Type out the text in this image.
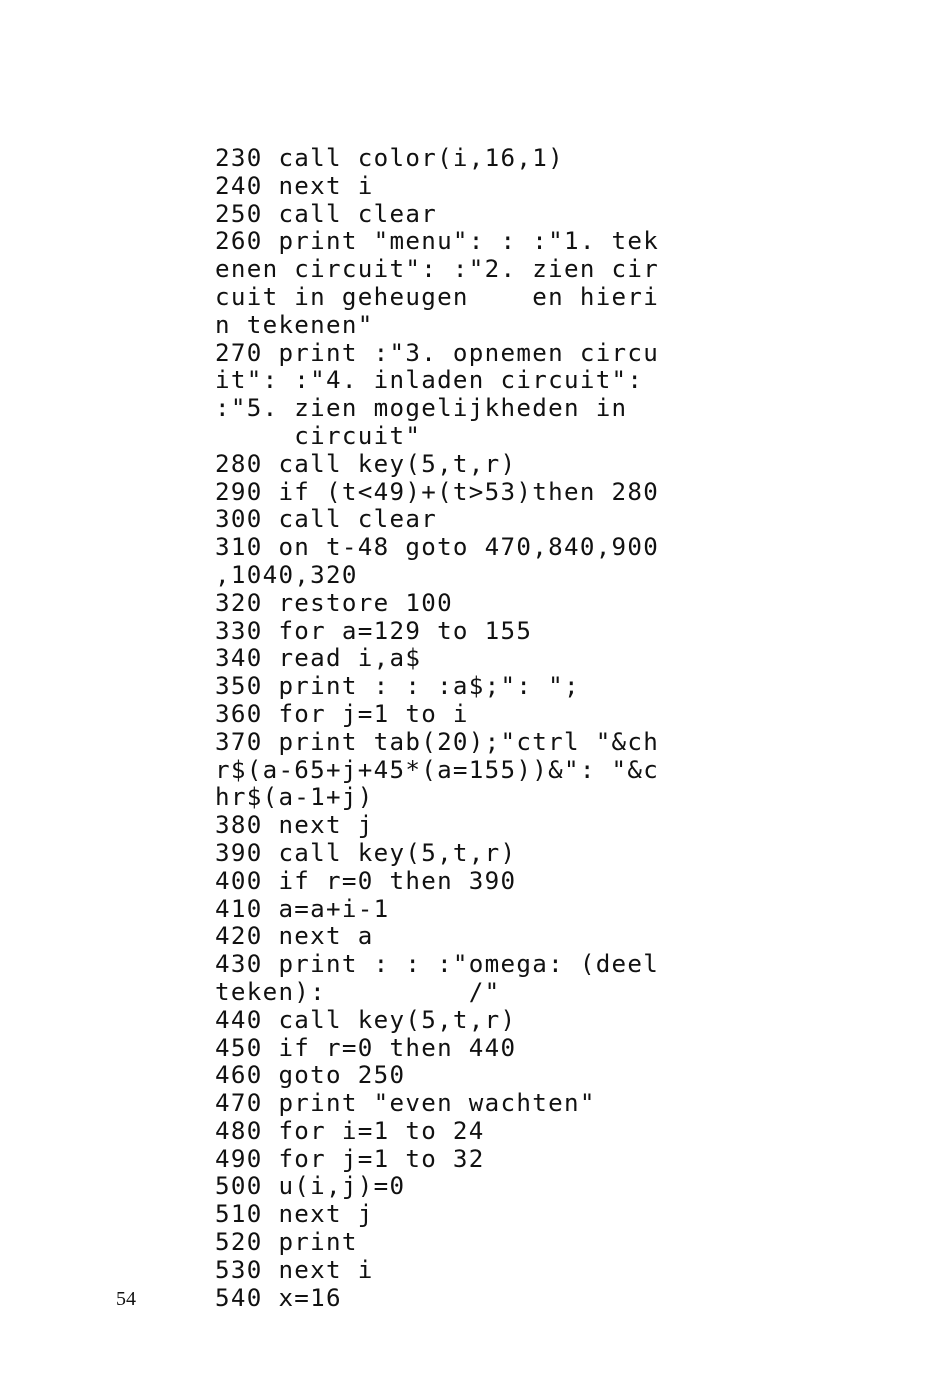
230 call color(i,16,1)
240 next i
250 call clear
260 print "menu": : :"1. tek
enen circuit": :"2. zien cir
cuit in geheugen    en hieri
n tekenen"
270 print :"3. opnemen circu
it": :"4. inladen circuit":
:"5. zien mogelijkheden in
circuit"
280 call key(5,t,r)
290 if (t<49)+(t>53)then 280
300 call clear
310 on t-48 goto 470,840,900
,1040,320
320 restore 100
330 for a=129 to 155
340 read i,a$
350 print : : :a$;": ";
360 for j=1 to i
370 print tab(20);"ctrl "&ch
r$(a-65+j+45*(a=155))&": "&c
hr$(a-1+j)
380 next j
390 call key(5,t,r)
400 if r=0 then 390
410 a=a+i-1
420 next a
430 print : : :"omega: (deel
teken):         /"
440 call key(5,t,r)
450 if r=0 then 440
460 goto 250
470 print "even wachten"
480 for i=1 to 24
490 for j=1 to 32
500 u(i,j)=0
510 next j
520 print
530 next i
540 x=16
54
